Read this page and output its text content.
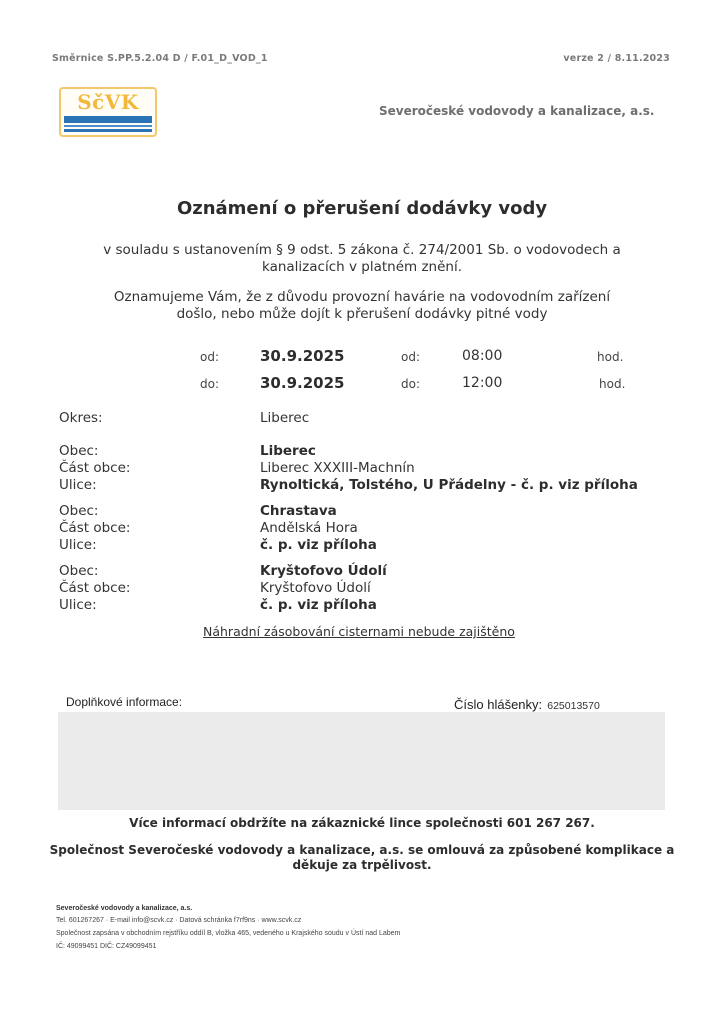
Směrnice S.PP.5.2.04 D / F.01_D_VOD_1	verze 2 / 8.11.2023
SčVK	Severočeské vodovody a kanalizace, a.s.
Oznámení o přerušení dodávky vody
v souladu s ustanovením § 9 odst. 5 zákona č. 274/2001 Sb. o vodovodech a
kanalizacích v platném znění.
Oznamujeme Vám, že z důvodu provozní havárie na vodovodním zařízení
došlo, nebo může dojít k přerušení dodávky pitné vody
od:	30.9.2025	od:	08:00	hod.
do:	30.9.2025	do:	12:00	hod.
Okres:	Liberec
Obec:	Liberec
Část obce:	Liberec XXXIII-Machnín
Ulice:	Rynoltická, Tolstého, U Přádelny - č. p. viz příloha
Obec:	Chrastava
Část obce:	Andělská Hora
Ulice:	č. p. viz příloha
Obec:	Kryštofovo Údolí
Část obce:	Kryštofovo Údolí
Ulice:	č. p. viz příloha
Náhradní zásobování cisternami nebude zajištěno
Doplňkové informace:	Číslo hlášenky: 625013570
Více informací obdržíte na zákaznické lince společnosti 601 267 267.
Společnost Severočeské vodovody a kanalizace, a.s. se omlouvá za způsobené komplikace a
děkuje za trpělivost.
Severočeské vodovody a kanalizace, a.s.
Tel. 601267267 · E-mail info@scvk.cz · Datová schránka f7rf9ns · www.scvk.cz
Společnost zapsána v obchodním rejstříku oddíl B, vložka 465, vedeného u Krajského soudu v Ústí nad Labem
IČ: 49099451 DIČ: CZ49099451
